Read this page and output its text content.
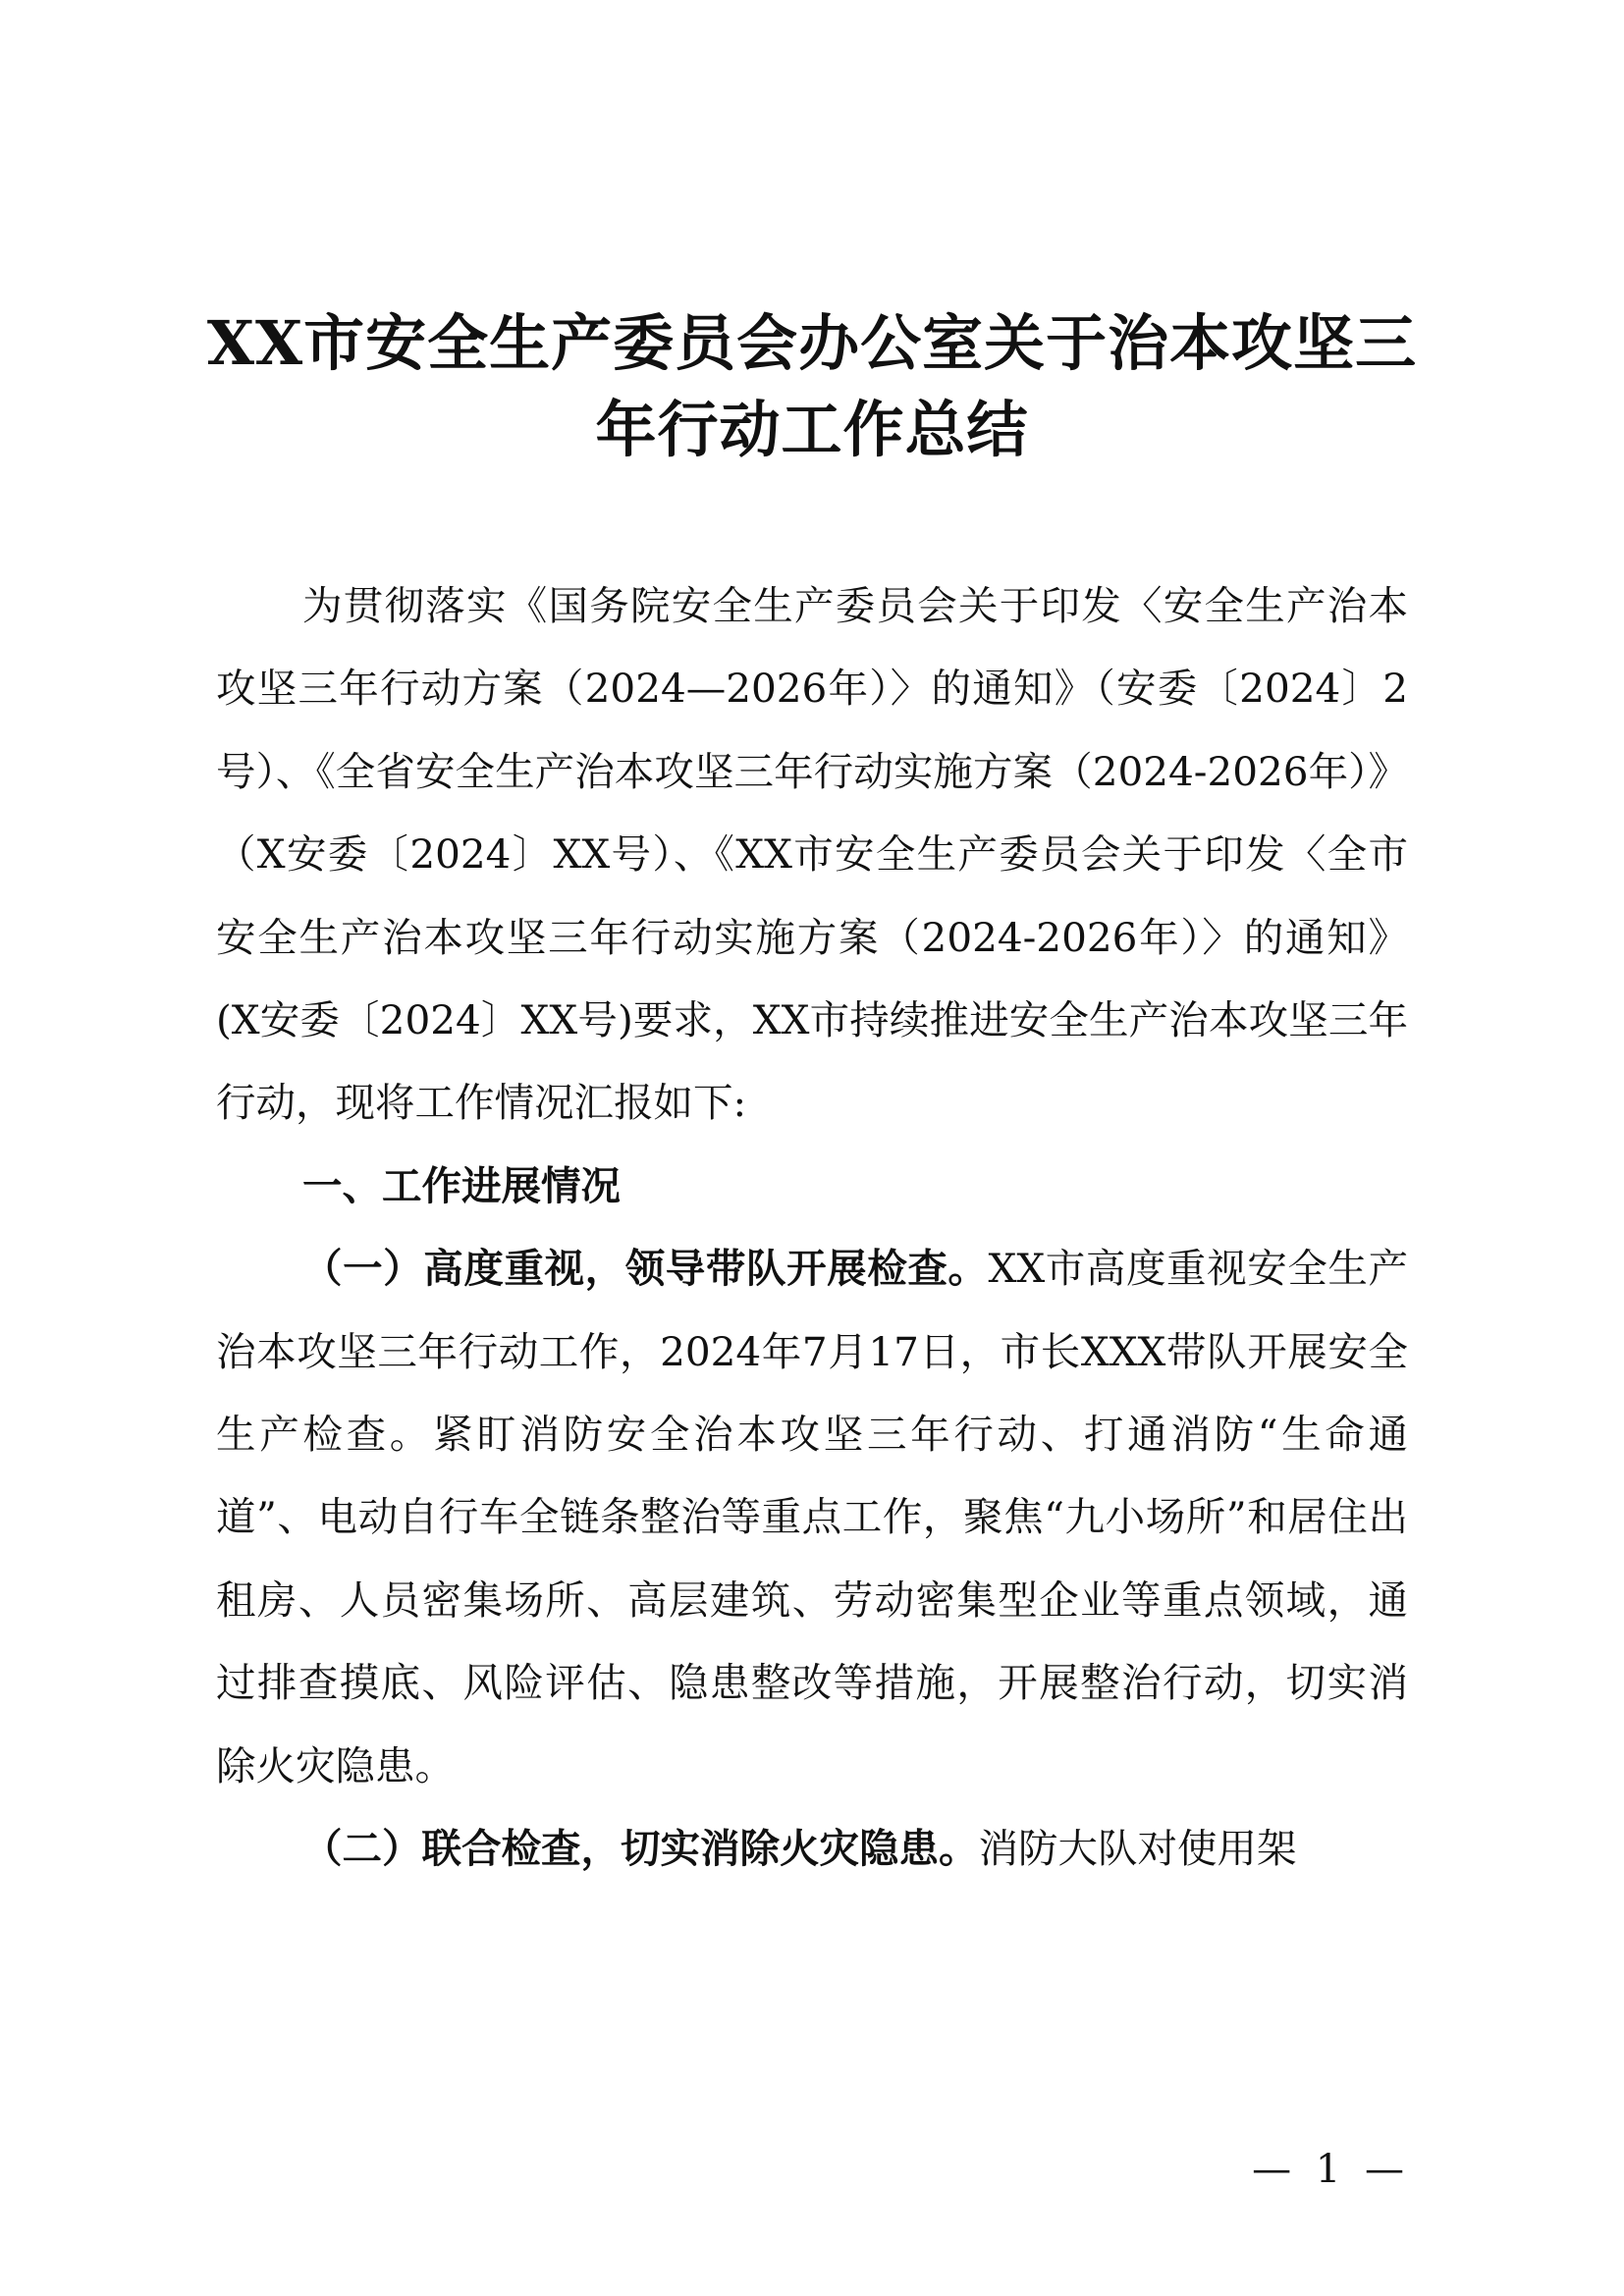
XX市安全生产委员会办公室关于治本攻坚三
年行动工作总结

为贯彻落实《国务院安全生产委员会关于印发〈安全生产治本攻坚三年行动方案（2024—2026年）〉的通知》（安委〔2024〕2号）、《全省安全生产治本攻坚三年行动实施方案（2024-2026年）》（X安委〔2024〕XX号）、《XX市安全生产委员会关于印发〈全市安全生产治本攻坚三年行动实施方案（2024-2026年）〉的通知》(X安委〔2024〕XX号)要求，XX市持续推进安全生产治本攻坚三年行动，现将工作情况汇报如下:

一、工作进展情况

（一）高度重视，领导带队开展检查。XX市高度重视安全生产治本攻坚三年行动工作，2024年7月17日，市长XXX带队开展安全生产检查。紧盯消防安全治本攻坚三年行动、打通消防“生命通道”、电动自行车全链条整治等重点工作，聚焦“九小场所”和居住出租房、人员密集场所、高层建筑、劳动密集型企业等重点领域，通过排查摸底、风险评估、隐患整改等措施，开展整治行动，切实消除火灾隐患。

（二）联合检查，切实消除火灾隐患。消防大队对使用架

— 1 —
